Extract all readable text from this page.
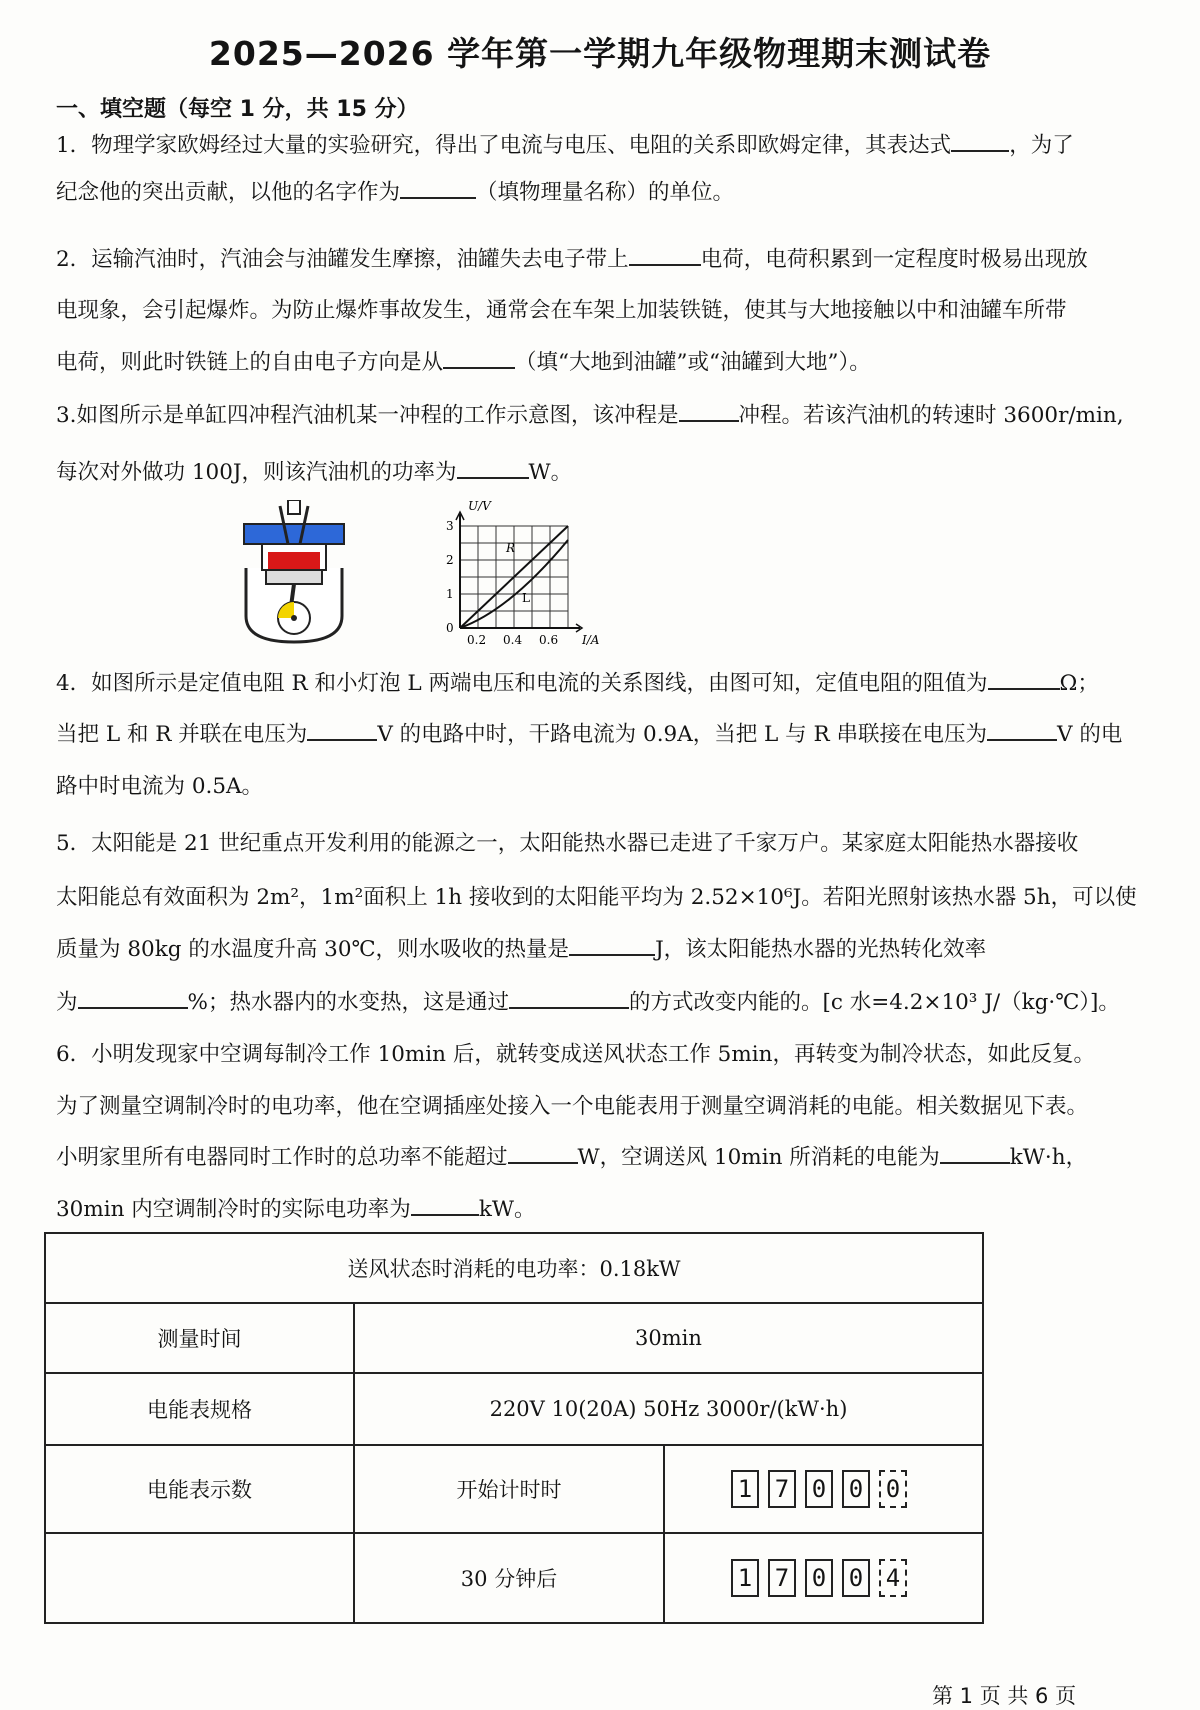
2025—2026 学年第一学期九年级物理期末测试卷
一、填空题（每空 1 分，共 15 分）
1．物理学家欧姆经过大量的实验研究，得出了电流与电压、电阻的关系即欧姆定律，其表达式	，为了
纪念他的突出贡献，以他的名字作为	（填物理量名称）的单位。
2．运输汽油时，汽油会与油罐发生摩擦，油罐失去电子带上	电荷，电荷积累到一定程度时极易出现放
电现象，会引起爆炸。为防止爆炸事故发生，通常会在车架上加装铁链，使其与大地接触以中和油罐车所带
电荷，则此时铁链上的自由电子方向是从	（填“大地到油罐”或“油罐到大地”）。
3.如图所示是单缸四冲程汽油机某一冲程的工作示意图，该冲程是	冲程。若该汽油机的转速时 3600r/min,
每次对外做功 100J，则该汽油机的功率为	W。
U/V
I/A
0
1
2
3
0.2 0.4 0.6
R
L
4．如图所示是定值电阻 R 和小灯泡 L 两端电压和电流的关系图线，由图可知，定值电阻的阻值为	Ω；
当把 L 和 R 并联在电压为	V 的电路中时，干路电流为 0.9A，当把 L 与 R 串联接在电压为	V 的电
路中时电流为 0.5A。
5．太阳能是 21 世纪重点开发利用的能源之一，太阳能热水器已走进了千家万户。某家庭太阳能热水器接收
太阳能总有效面积为 2m²，1m²面积上 1h 接收到的太阳能平均为 2.52×10⁶J。若阳光照射该热水器 5h，可以使
质量为 80kg 的水温度升高 30℃，则水吸收的热量是	J，该太阳能热水器的光热转化效率
为	%；热水器内的水变热，这是通过	的方式改变内能的。[c 水=4.2×10³ J/（kg·℃）]。
6．小明发现家中空调每制冷工作 10min 后，就转变成送风状态工作 5min，再转变为制冷状态，如此反复。
为了测量空调制冷时的电功率，他在空调插座处接入一个电能表用于测量空调消耗的电能。相关数据见下表。
小明家里所有电器同时工作时的总功率不能超过	W，空调送风 10min 所消耗的电能为	kW·h，
30min 内空调制冷时的实际电功率为	kW。
送风状态时消耗的电功率：0.18kW		
测量时间	30min	
电能表规格	220V 10(20A) 50Hz 3000r/(kW·h)	
电能表示数	开始计时时	1 7 0 0 0
	30 分钟后	1 7 0 0 4
第 1 页 共 6 页
